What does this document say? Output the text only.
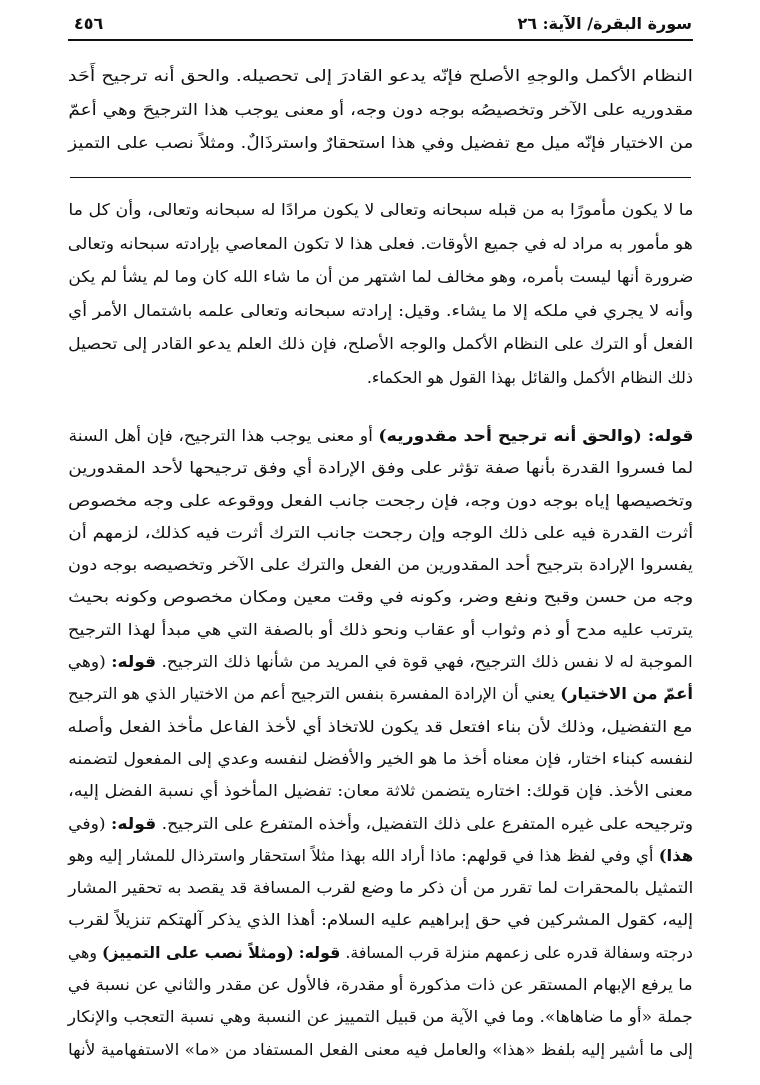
٤٥٦	سورة البقرة/ الآية: ٢٦
النظام الأكمل والوجهِ الأصلح فإنّه يدعو القادرَ إلى تحصيله. والحق أنه ترجيح أَحَد
مقدوريه على الآخر وتخصيصُه بوجه دون وجه، أو معنى يوجب هذا الترجيحَ وهي أعمّ
من الاختيار فإنّه ميل مع تفضيل وفي هذا استحقارٌ واسترذَالٌ. ومثلاً نصب على التميز
ما لا يكون مأمورًا به من قبله سبحانه وتعالى لا يكون مرادًا له سبحانه وتعالى، وأن كل ما
هو مأمور به مراد له في جميع الأوقات. فعلى هذا لا تكون المعاصي بإرادته سبحانه وتعالى
ضرورة أنها ليست بأمره، وهو مخالف لما اشتهر من أن ما شاء الله كان وما لم يشأ لم يكن
وأنه لا يجري في ملكه إلا ما يشاء. وقيل: إرادته سبحانه وتعالى علمه باشتمال الأمر أي
الفعل أو الترك على النظام الأكمل والوجه الأصلح، فإن ذلك العلم يدعو القادر إلى تحصيل
ذلك النظام الأكمل والقائل بهذا القول هو الحكماء.
قوله: (والحق أنه ترجيح أحد مقدوريه) أو معنى يوجب هذا الترجيح، فإن أهل السنة
لما فسروا القدرة بأنها صفة تؤثر على وفق الإرادة أي وفق ترجيحها لأحد المقدورين
وتخصيصها إياه بوجه دون وجه، فإن رجحت جانب الفعل ووقوعه على وجه مخصوص
أثرت القدرة فيه على ذلك الوجه وإن رجحت جانب الترك أثرت فيه كذلك، لزمهم أن
يفسروا الإرادة بترجيح أحد المقدورين من الفعل والترك على الآخر وتخصيصه بوجه دون
وجه من حسن وقبح ونفع وضر، وكونه في وقت معين ومكان مخصوص وكونه بحيث
يترتب عليه مدح أو ذم وثواب أو عقاب ونحو ذلك أو بالصفة التي هي مبدأ لهذا الترجيح
الموجبة له لا نفس ذلك الترجيح، فهي قوة في المريد من شأنها ذلك الترجيح. قوله: (وهي
أعمّ من الاختيار) يعني أن الإرادة المفسرة بنفس الترجيح أعم من الاختيار الذي هو الترجيح
مع التفضيل، وذلك لأن بناء افتعل قد يكون للاتخاذ أي لأخذ الفاعل مأخذ الفعل وأصله
لنفسه كبناء اختار، فإن معناه أخذ ما هو الخير والأفضل لنفسه وعدي إلى المفعول لتضمنه
معنى الأخذ. فإن قولك: اختاره يتضمن ثلاثة معان: تفضيل المأخوذ أي نسبة الفضل إليه،
وترجيحه على غيره المتفرع على ذلك التفضيل، وأخذه المتفرع على الترجيح. قوله: (وفي
هذا) أي وفي لفظ هذا في قولهم: ماذا أراد الله بهذا مثلاً استحقار واسترذال للمشار إليه وهو
التمثيل بالمحقرات لما تقرر من أن ذكر ما وضع لقرب المسافة قد يقصد به تحقير المشار
إليه، كقول المشركين في حق إبراهيم عليه السلام: أهذا الذي يذكر آلهتكم تنزيلاً لقرب
درجته وسفالة قدره على زعمهم منزلة قرب المسافة. قوله: (ومثلاً نصب على التمييز) وهي
ما يرفع الإبهام المستقر عن ذات مذكورة أو مقدرة، فالأول عن مقدر والثاني عن نسبة في
جملة «أو ما ضاهاها». وما في الآية من قبيل التمييز عن النسبة وهي نسبة التعجب والإنكار
إلى ما أشير إليه بلفظ «هذا» والعامل فيه معنى الفعل المستفاد من «ما» الاستفهامية لأنها
